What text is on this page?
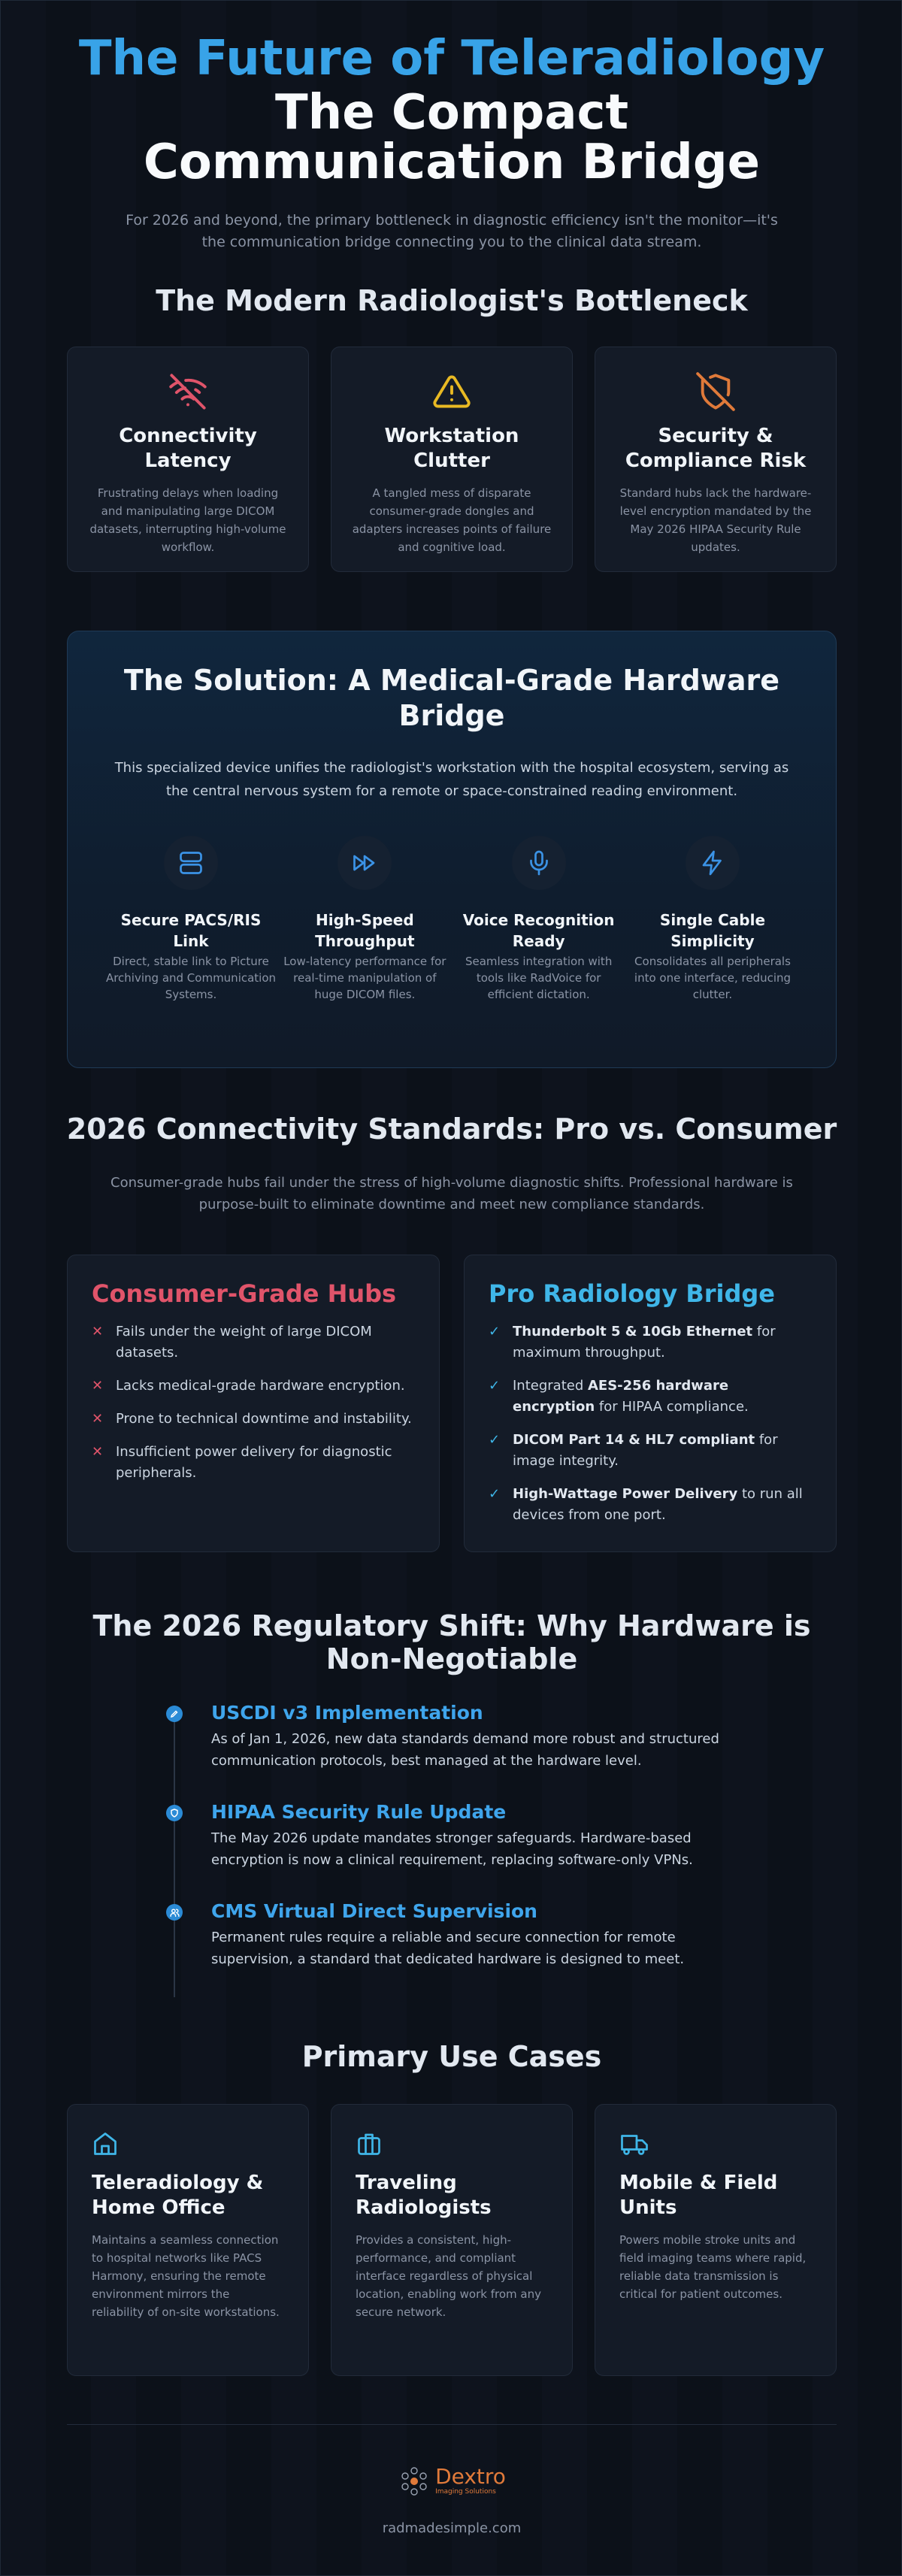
The Future of Teleradiology
The Compact Communication Bridge
For 2026 and beyond, the primary bottleneck in diagnostic efficiency isn't the monitor—it's the communication bridge connecting you to the clinical data stream.
The Modern Radiologist's Bottleneck
Connectivity Latency

Frustrating delays when loading and manipulating large DICOM datasets, interrupting high-volume workflow.

Workstation Clutter

A tangled mess of disparate consumer-grade dongles and adapters increases points of failure and cognitive load.

Security & Compliance Risk

Standard hubs lack the hardware-level encryption mandated by the May 2026 HIPAA Security Rule updates.

The Solution: A Medical-Grade Hardware Bridge
This specialized device unifies the radiologist's workstation with the hospital ecosystem, serving as the central nervous system for a remote or space-constrained reading environment.
Secure PACS/RIS Link

Direct, stable link to Picture Archiving and Communication Systems.

High-Speed Throughput

Low-latency performance for real-time manipulation of huge DICOM files.

Voice Recognition Ready

Seamless integration with tools like RadVoice for efficient dictation.

Single Cable Simplicity

Consolidates all peripherals into one interface, reducing clutter.

2026 Connectivity Standards: Pro vs. Consumer
Consumer-grade hubs fail under the stress of high-volume diagnostic shifts. Professional hardware is purpose-built to eliminate downtime and meet new compliance standards.
Consumer-Grade Hubs
✕ Fails under the weight of large DICOM datasets.
✕ Lacks medical-grade hardware encryption.
✕ Prone to technical downtime and instability.
✕ Insufficient power delivery for diagnostic peripherals.
Pro Radiology Bridge
✓ Thunderbolt 5 & 10Gb Ethernet for maximum throughput.
✓ Integrated AES-256 hardware encryption for HIPAA compliance.
✓ DICOM Part 14 & HL7 compliant for image integrity.
✓ High-Wattage Power Delivery to run all devices from one port.
The 2026 Regulatory Shift: Why Hardware is Non-Negotiable
USCDI v3 Implementation

As of Jan 1, 2026, new data standards demand more robust and structured communication protocols, best managed at the hardware level.

HIPAA Security Rule Update

The May 2026 update mandates stronger safeguards. Hardware-based encryption is now a clinical requirement, replacing software-only VPNs.

CMS Virtual Direct Supervision

Permanent rules require a reliable and secure connection for remote supervision, a standard that dedicated hardware is designed to meet.

Primary Use Cases
Teleradiology & Home Office

Maintains a seamless connection to hospital networks like PACS Harmony, ensuring the remote environment mirrors the reliability of on-site workstations.

Traveling Radiologists

Provides a consistent, high-performance, and compliant interface regardless of physical location, enabling work from any secure network.

Mobile & Field Units

Powers mobile stroke units and field imaging teams where rapid, reliable data transmission is critical for patient outcomes.

Dextro
Imaging Solutions
radmadesimple.com
